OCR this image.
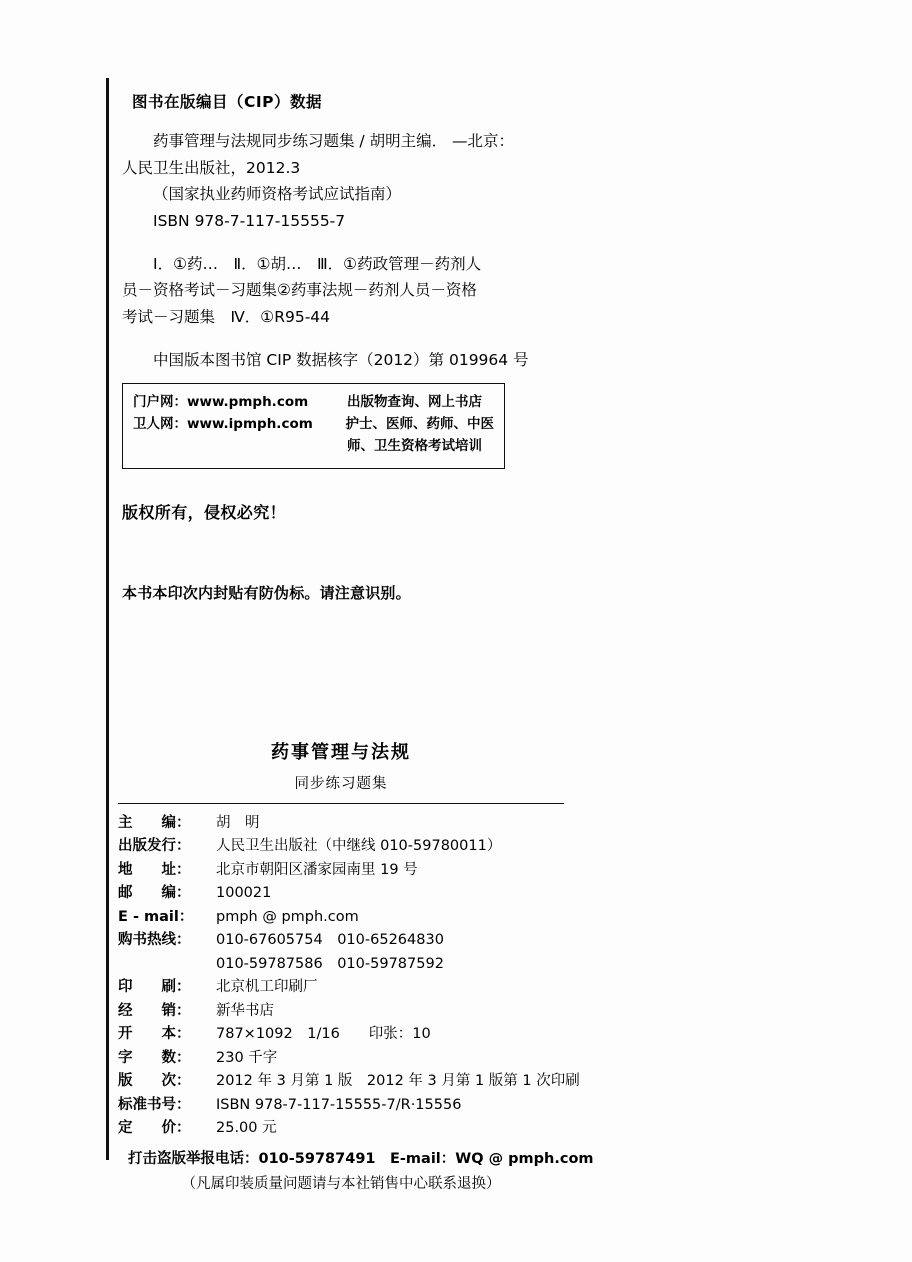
图书在版编目（CIP）数据
药事管理与法规同步练习题集 / 胡明主编． —北京：
人民卫生出版社，2012.3
（国家执业药师资格考试应试指南）
ISBN 978-7-117-15555-7
Ⅰ．①药…　Ⅱ．①胡…　Ⅲ．①药政管理－药剂人
员－资格考试－习题集②药事法规－药剂人员－资格
考试－习题集　Ⅳ．①R95-44
中国版本图书馆 CIP 数据核字（2012）第 019964 号
门户网：www.pmph.com	出版物查询、网上书店
卫人网：www.ipmph.com	护士、医师、药师、中医
师、卫生资格考试培训
版权所有，侵权必究！
本书本印次内封贴有防伪标。请注意识别。
药事管理与法规
同步练习题集
主　　编：	胡　明
出版发行：	人民卫生出版社（中继线 010-59780011）
地　　址：	北京市朝阳区潘家园南里 19 号
邮　　编：	100021
E - mail：	pmph @ pmph.com
购书热线：	010-67605754　010-65264830
010-59787586　010-59787592
印　　刷：	北京机工印刷厂
经　　销：	新华书店
开　　本：	787×1092　1/16　　印张：10
字　　数：	230 千字
版　　次：	2012 年 3 月第 1 版　2012 年 3 月第 1 版第 1 次印刷
标准书号：	ISBN 978-7-117-15555-7/R·15556
定　　价：	25.00 元
打击盗版举报电话：010-59787491　E-mail：WQ @ pmph.com
（凡属印装质量问题请与本社销售中心联系退换）
